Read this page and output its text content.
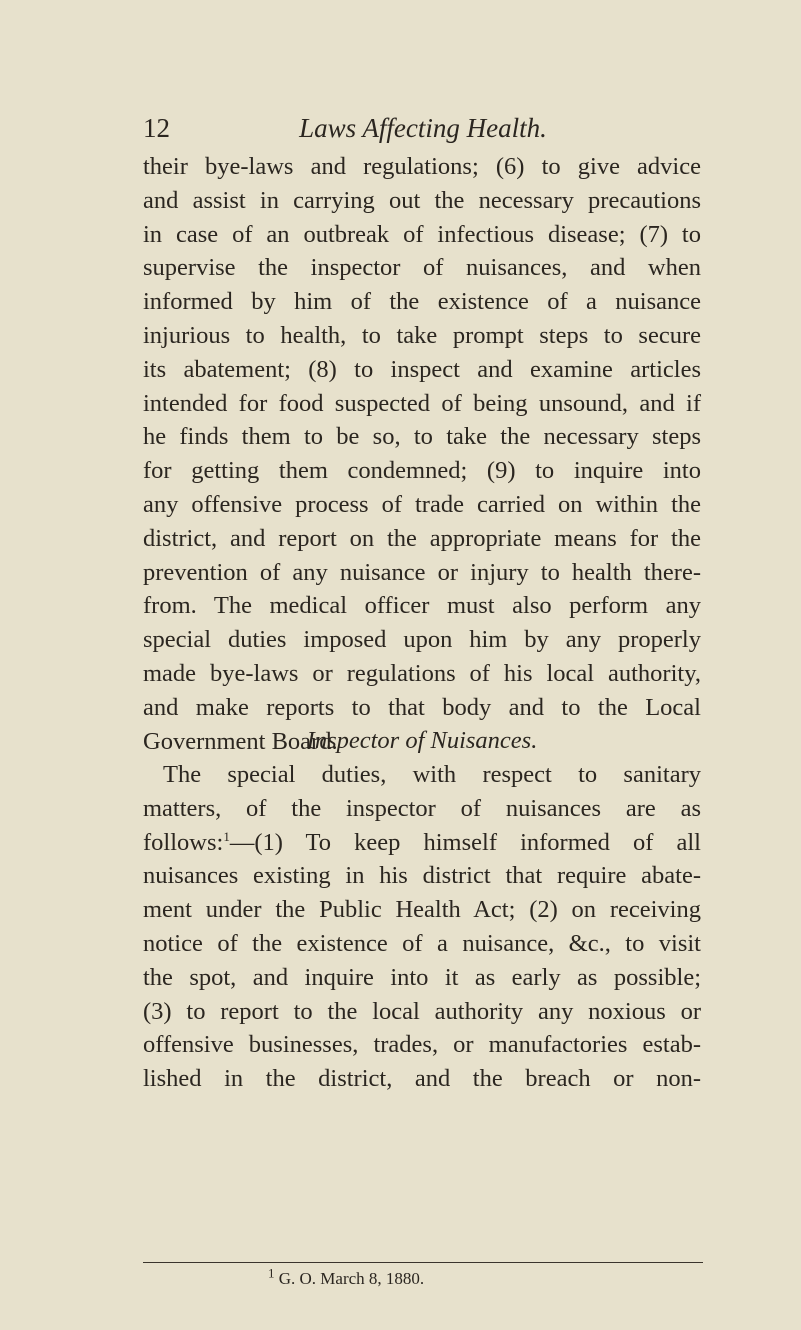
12	Laws Affecting Health.
their bye-laws and regulations; (6) to give advice
and assist in carrying out the necessary precautions
in case of an outbreak of infectious disease; (7) to
supervise the inspector of nuisances, and when
informed by him of the existence of a nuisance
injurious to health, to take prompt steps to secure
its abatement; (8) to inspect and examine articles
intended for food suspected of being unsound, and if
he finds them to be so, to take the necessary steps
for getting them condemned; (9) to inquire into
any offensive process of trade carried on within the
district, and report on the appropriate means for the
prevention of any nuisance or injury to health there-
from. The medical officer must also perform any
special duties imposed upon him by any properly
made bye-laws or regulations of his local authority,
and make reports to that body and to the Local
Government Board.
Inspector of Nuisances.
The special duties, with respect to sanitary
matters, of the inspector of nuisances are as
follows:$^1$—(1) To keep himself informed of all
nuisances existing in his district that require abate-
ment under the Public Health Act; (2) on receiving
notice of the existence of a nuisance, &c., to visit
the spot, and inquire into it as early as possible;
(3) to report to the local authority any noxious or
offensive businesses, trades, or manufactories estab-
lished in the district, and the breach or non-
$^1$ G. O. March 8, 1880.
